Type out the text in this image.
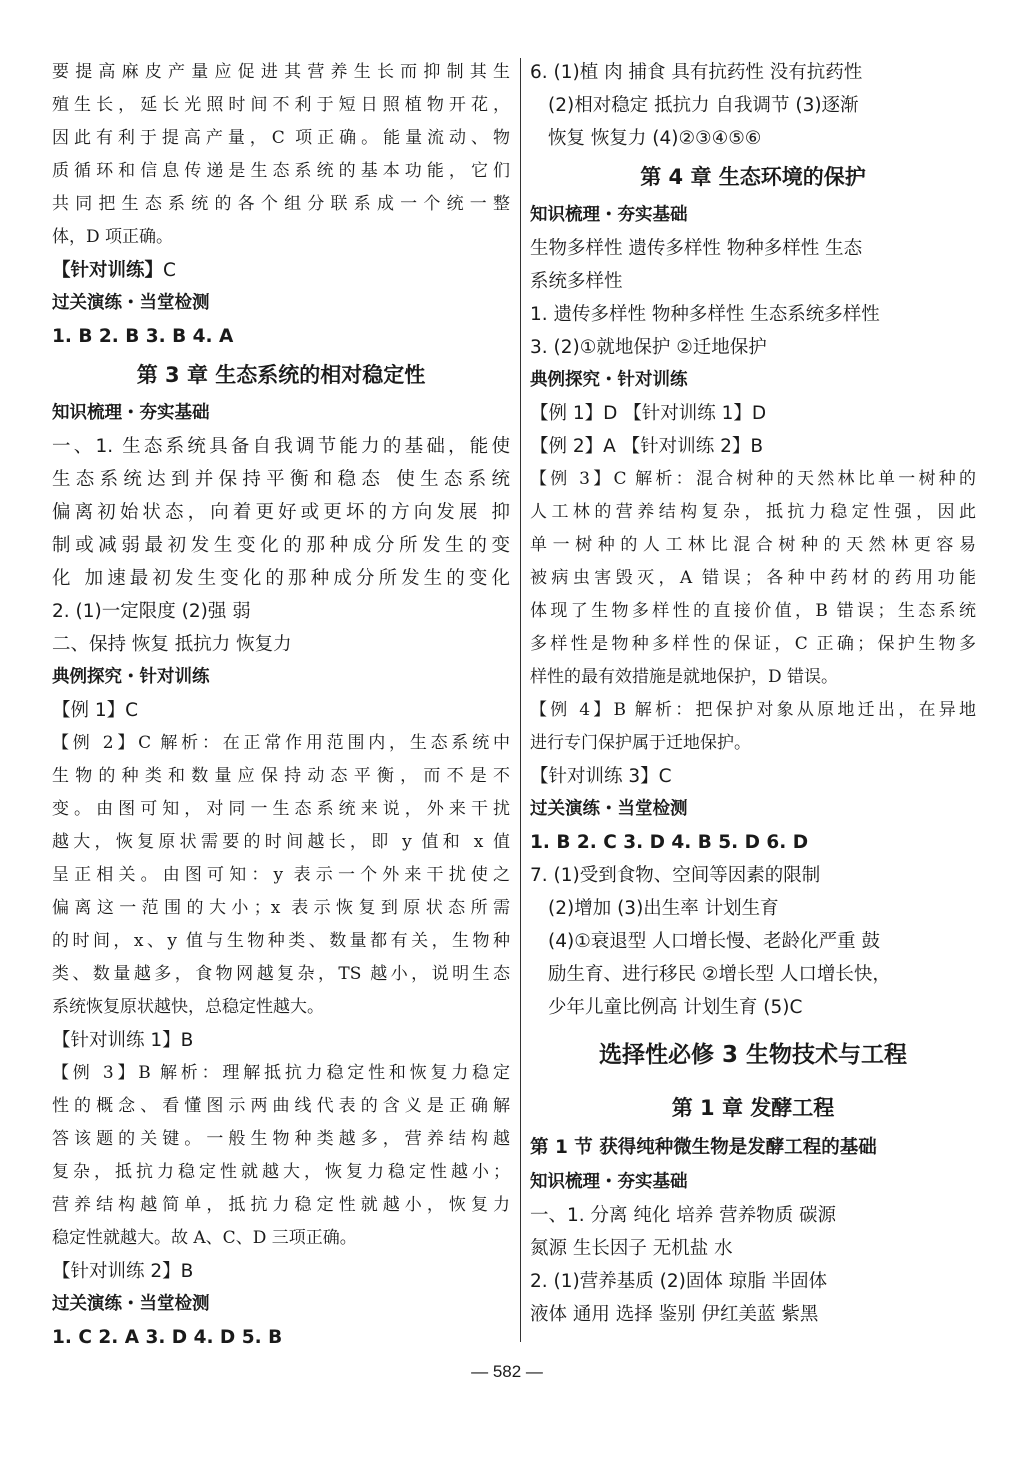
要提高麻皮产量应促进其营养生长而抑制其生
殖生长，延长光照时间不利于短日照植物开花，
因此有利于提高产量，C 项正确。能量流动、物
质循环和信息传递是生态系统的基本功能，它们
共同把生态系统的各个组分联系成一个统一整
体，D 项正确。
【针对训练】C
过关演练・当堂检测
1. B 2. B 3. B 4. A
第 3 章 生态系统的相对稳定性
知识梳理・夯实基础
一、1. 生态系统具备自我调节能力的基础，能使
生态系统达到并保持平衡和稳态 使生态系统
偏离初始状态，向着更好或更坏的方向发展 抑
制或减弱最初发生变化的那种成分所发生的变
化 加速最初发生变化的那种成分所发生的变化
2. (1)一定限度 (2)强 弱
二、保持 恢复 抵抗力 恢复力
典例探究・针对训练
【例 1】C
【例 2】C 解析：在正常作用范围内，生态系统中
生物的种类和数量应保持动态平衡，而不是不
变。由图可知，对同一生态系统来说，外来干扰
越大，恢复原状需要的时间越长，即 y 值和 x 值
呈正相关。由图可知：y 表示一个外来干扰使之
偏离这一范围的大小；x 表示恢复到原状态所需
的时间，x、y 值与生物种类、数量都有关，生物种
类、数量越多，食物网越复杂，TS 越小，说明生态
系统恢复原状越快，总稳定性越大。
【针对训练 1】B
【例 3】B 解析：理解抵抗力稳定性和恢复力稳定
性的概念、看懂图示两曲线代表的含义是正确解
答该题的关键。一般生物种类越多，营养结构越
复杂，抵抗力稳定性就越大，恢复力稳定性越小；
营养结构越简单，抵抗力稳定性就越小，恢复力
稳定性就越大。故 A、C、D 三项正确。
【针对训练 2】B
过关演练・当堂检测
1. C 2. A 3. D 4. D 5. B
6. (1)植 肉 捕食 具有抗药性 没有抗药性
(2)相对稳定 抵抗力 自我调节 (3)逐渐
恢复 恢复力 (4)②③④⑤⑥
第 4 章 生态环境的保护
知识梳理・夯实基础
生物多样性 遗传多样性 物种多样性 生态
系统多样性
1. 遗传多样性 物种多样性 生态系统多样性
3. (2)①就地保护 ②迁地保护
典例探究・针对训练
【例 1】D 【针对训练 1】D
【例 2】A 【针对训练 2】B
【例 3】C 解析：混合树种的天然林比单一树种的
人工林的营养结构复杂，抵抗力稳定性强，因此
单一树种的人工林比混合树种的天然林更容易
被病虫害毁灭，A 错误；各种中药材的药用功能
体现了生物多样性的直接价值，B 错误；生态系统
多样性是物种多样性的保证，C 正确；保护生物多
样性的最有效措施是就地保护，D 错误。
【例 4】B 解析：把保护对象从原地迁出，在异地
进行专门保护属于迁地保护。
【针对训练 3】C
过关演练・当堂检测
1. B 2. C 3. D 4. B 5. D 6. D
7. (1)受到食物、空间等因素的限制
(2)增加 (3)出生率 计划生育
(4)①衰退型 人口增长慢、老龄化严重 鼓
励生育、进行移民 ②增长型 人口增长快，
少年儿童比例高 计划生育 (5)C
选择性必修 3 生物技术与工程
第 1 章 发酵工程
第 1 节 获得纯种微生物是发酵工程的基础
知识梳理・夯实基础
一、1. 分离 纯化 培养 营养物质 碳源
氮源 生长因子 无机盐 水
2. (1)营养基质 (2)固体 琼脂 半固体
液体 通用 选择 鉴别 伊红美蓝 紫黑
— 582 —
